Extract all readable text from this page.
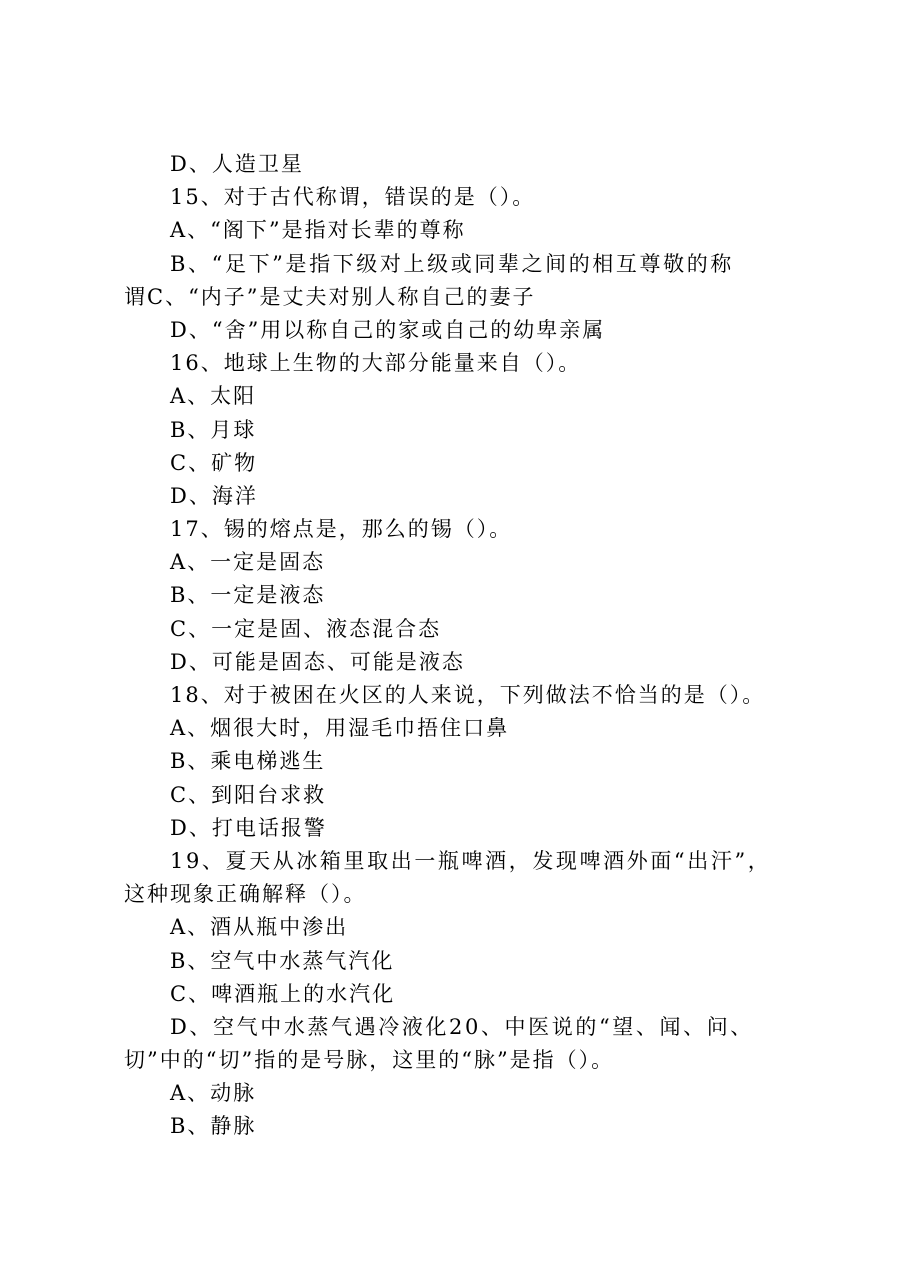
D、人造卫星
15、对于古代称谓，错误的是（）。
A、“阁下”是指对长辈的尊称
B、“足下”是指下级对上级或同辈之间的相互尊敬的称
谓C、“内子”是丈夫对别人称自己的妻子
D、“舍”用以称自己的家或自己的幼卑亲属
16、地球上生物的大部分能量来自（）。
A、太阳
B、月球
C、矿物
D、海洋
17、锡的熔点是，那么的锡（）。
A、一定是固态
B、一定是液态
C、一定是固、液态混合态
D、可能是固态、可能是液态
18、对于被困在火区的人来说，下列做法不恰当的是（）。
A、烟很大时，用湿毛巾捂住口鼻
B、乘电梯逃生
C、到阳台求救
D、打电话报警
19、夏天从冰箱里取出一瓶啤酒，发现啤酒外面“出汗”，
这种现象正确解释（）。
A、酒从瓶中渗出
B、空气中水蒸气汽化
C、啤酒瓶上的水汽化
D、空气中水蒸气遇冷液化20、中医说的“望、闻、问、
切”中的“切”指的是号脉，这里的“脉”是指（）。
A、动脉
B、静脉
